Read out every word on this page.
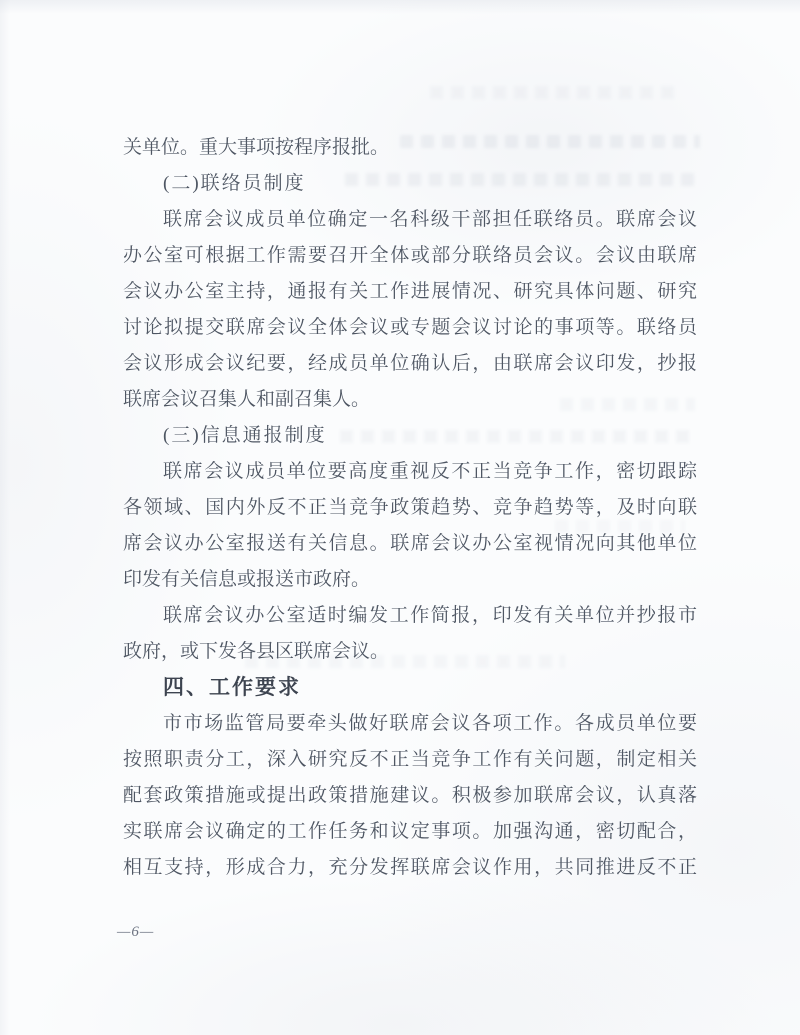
关单位。重大事项按程序报批。
(二)联络员制度
联席会议成员单位确定一名科级干部担任联络员。联席会议
办公室可根据工作需要召开全体或部分联络员会议。会议由联席
会议办公室主持，通报有关工作进展情况、研究具体问题、研究
讨论拟提交联席会议全体会议或专题会议讨论的事项等。联络员
会议形成会议纪要，经成员单位确认后，由联席会议印发，抄报
联席会议召集人和副召集人。
(三)信息通报制度
联席会议成员单位要高度重视反不正当竞争工作，密切跟踪
各领域、国内外反不正当竞争政策趋势、竞争趋势等，及时向联
席会议办公室报送有关信息。联席会议办公室视情况向其他单位
印发有关信息或报送市政府。
联席会议办公室适时编发工作简报，印发有关单位并抄报市
政府，或下发各县区联席会议。
四、工作要求
市市场监管局要牵头做好联席会议各项工作。各成员单位要
按照职责分工，深入研究反不正当竞争工作有关问题，制定相关
配套政策措施或提出政策措施建议。积极参加联席会议，认真落
实联席会议确定的工作任务和议定事项。加强沟通，密切配合，
相互支持，形成合力，充分发挥联席会议作用，共同推进反不正
—6—
